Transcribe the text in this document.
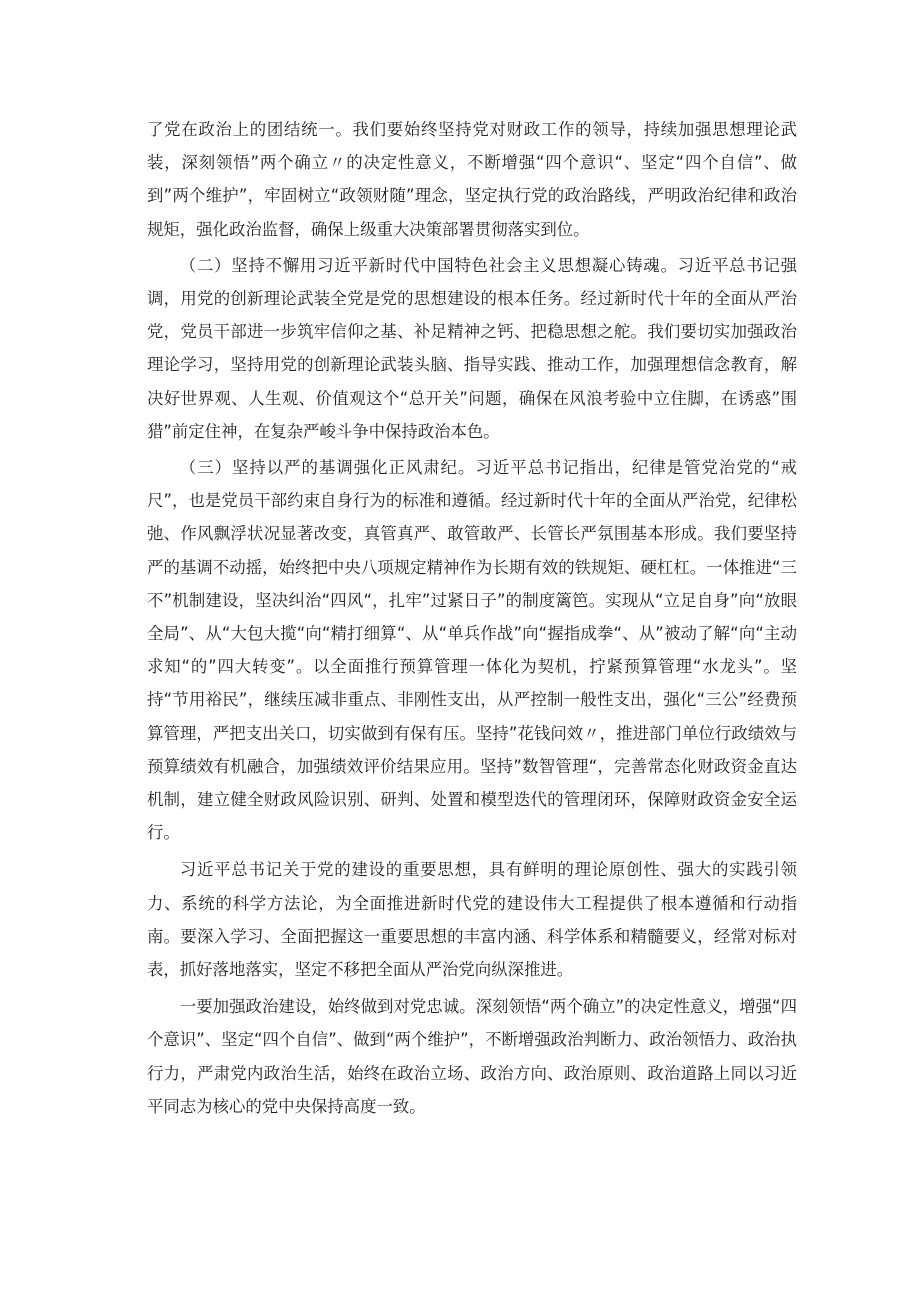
了党在政治上的团结统一。我们要始终坚持党对财政工作的领导，持续加强思想理论武装，深刻领悟”两个确立〃的决定性意义，不断增强“四个意识“、坚定“四个自信”、做到”两个维护”，牢固树立“政领财随”理念，坚定执行党的政治路线，严明政治纪律和政治规矩，强化政治监督，确保上级重大决策部署贯彻落实到位。

（二）坚持不懈用习近平新时代中国特色社会主义思想凝心铸魂。习近平总书记强调，用党的创新理论武装全党是党的思想建设的根本任务。经过新时代十年的全面从严治党，党员干部进一步筑牢信仰之基、补足精神之钙、把稳思想之舵。我们要切实加强政治理论学习，坚持用党的创新理论武装头脑、指导实践、推动工作，加强理想信念教育，解决好世界观、人生观、价值观这个“总开关”问题，确保在风浪考验中立住脚，在诱惑”围猎”前定住神，在复杂严峻斗争中保持政治本色。

（三）坚持以严的基调强化正风肃纪。习近平总书记指出，纪律是管党治党的“戒尺”，也是党员干部约束自身行为的标准和遵循。经过新时代十年的全面从严治党，纪律松弛、作风飘浮状况显著改变，真管真严、敢管敢严、长管长严氛围基本形成。我们要坚持严的基调不动摇，始终把中央八项规定精神作为长期有效的铁规矩、硬杠杠。一体推进“三不”机制建设，坚决纠治“四风“，扎牢”过紧日子”的制度篱笆。实现从“立足自身”向“放眼全局”、从“大包大揽“向“精打细算“、从“单兵作战”向“握指成拳“、从”被动了解“向“主动求知“的”四大转变”。以全面推行预算管理一体化为契机，拧紧预算管理“水龙头”。坚持“节用裕民”，继续压减非重点、非刚性支出，从严控制一般性支出，强化“三公”经费预算管理，严把支出关口，切实做到有保有压。坚持”花钱问效〃，推进部门单位行政绩效与预算绩效有机融合，加强绩效评价结果应用。坚持”数智管理“，完善常态化财政资金直达机制，建立健全财政风险识别、研判、处置和模型迭代的管理闭环，保障财政资金安全运行。

习近平总书记关于党的建设的重要思想，具有鲜明的理论原创性、强大的实践引领力、系统的科学方法论，为全面推进新时代党的建设伟大工程提供了根本遵循和行动指南。要深入学习、全面把握这一重要思想的丰富内涵、科学体系和精髓要义，经常对标对表，抓好落地落实，坚定不移把全面从严治党向纵深推进。

一要加强政治建设，始终做到对党忠诚。深刻领悟“两个确立”的决定性意义，增强“四个意识”、坚定“四个自信”、做到“两个维护”，不断增强政治判断力、政治领悟力、政治执行力，严肃党内政治生活，始终在政治立场、政治方向、政治原则、政治道路上同以习近平同志为核心的党中央保持高度一致。
